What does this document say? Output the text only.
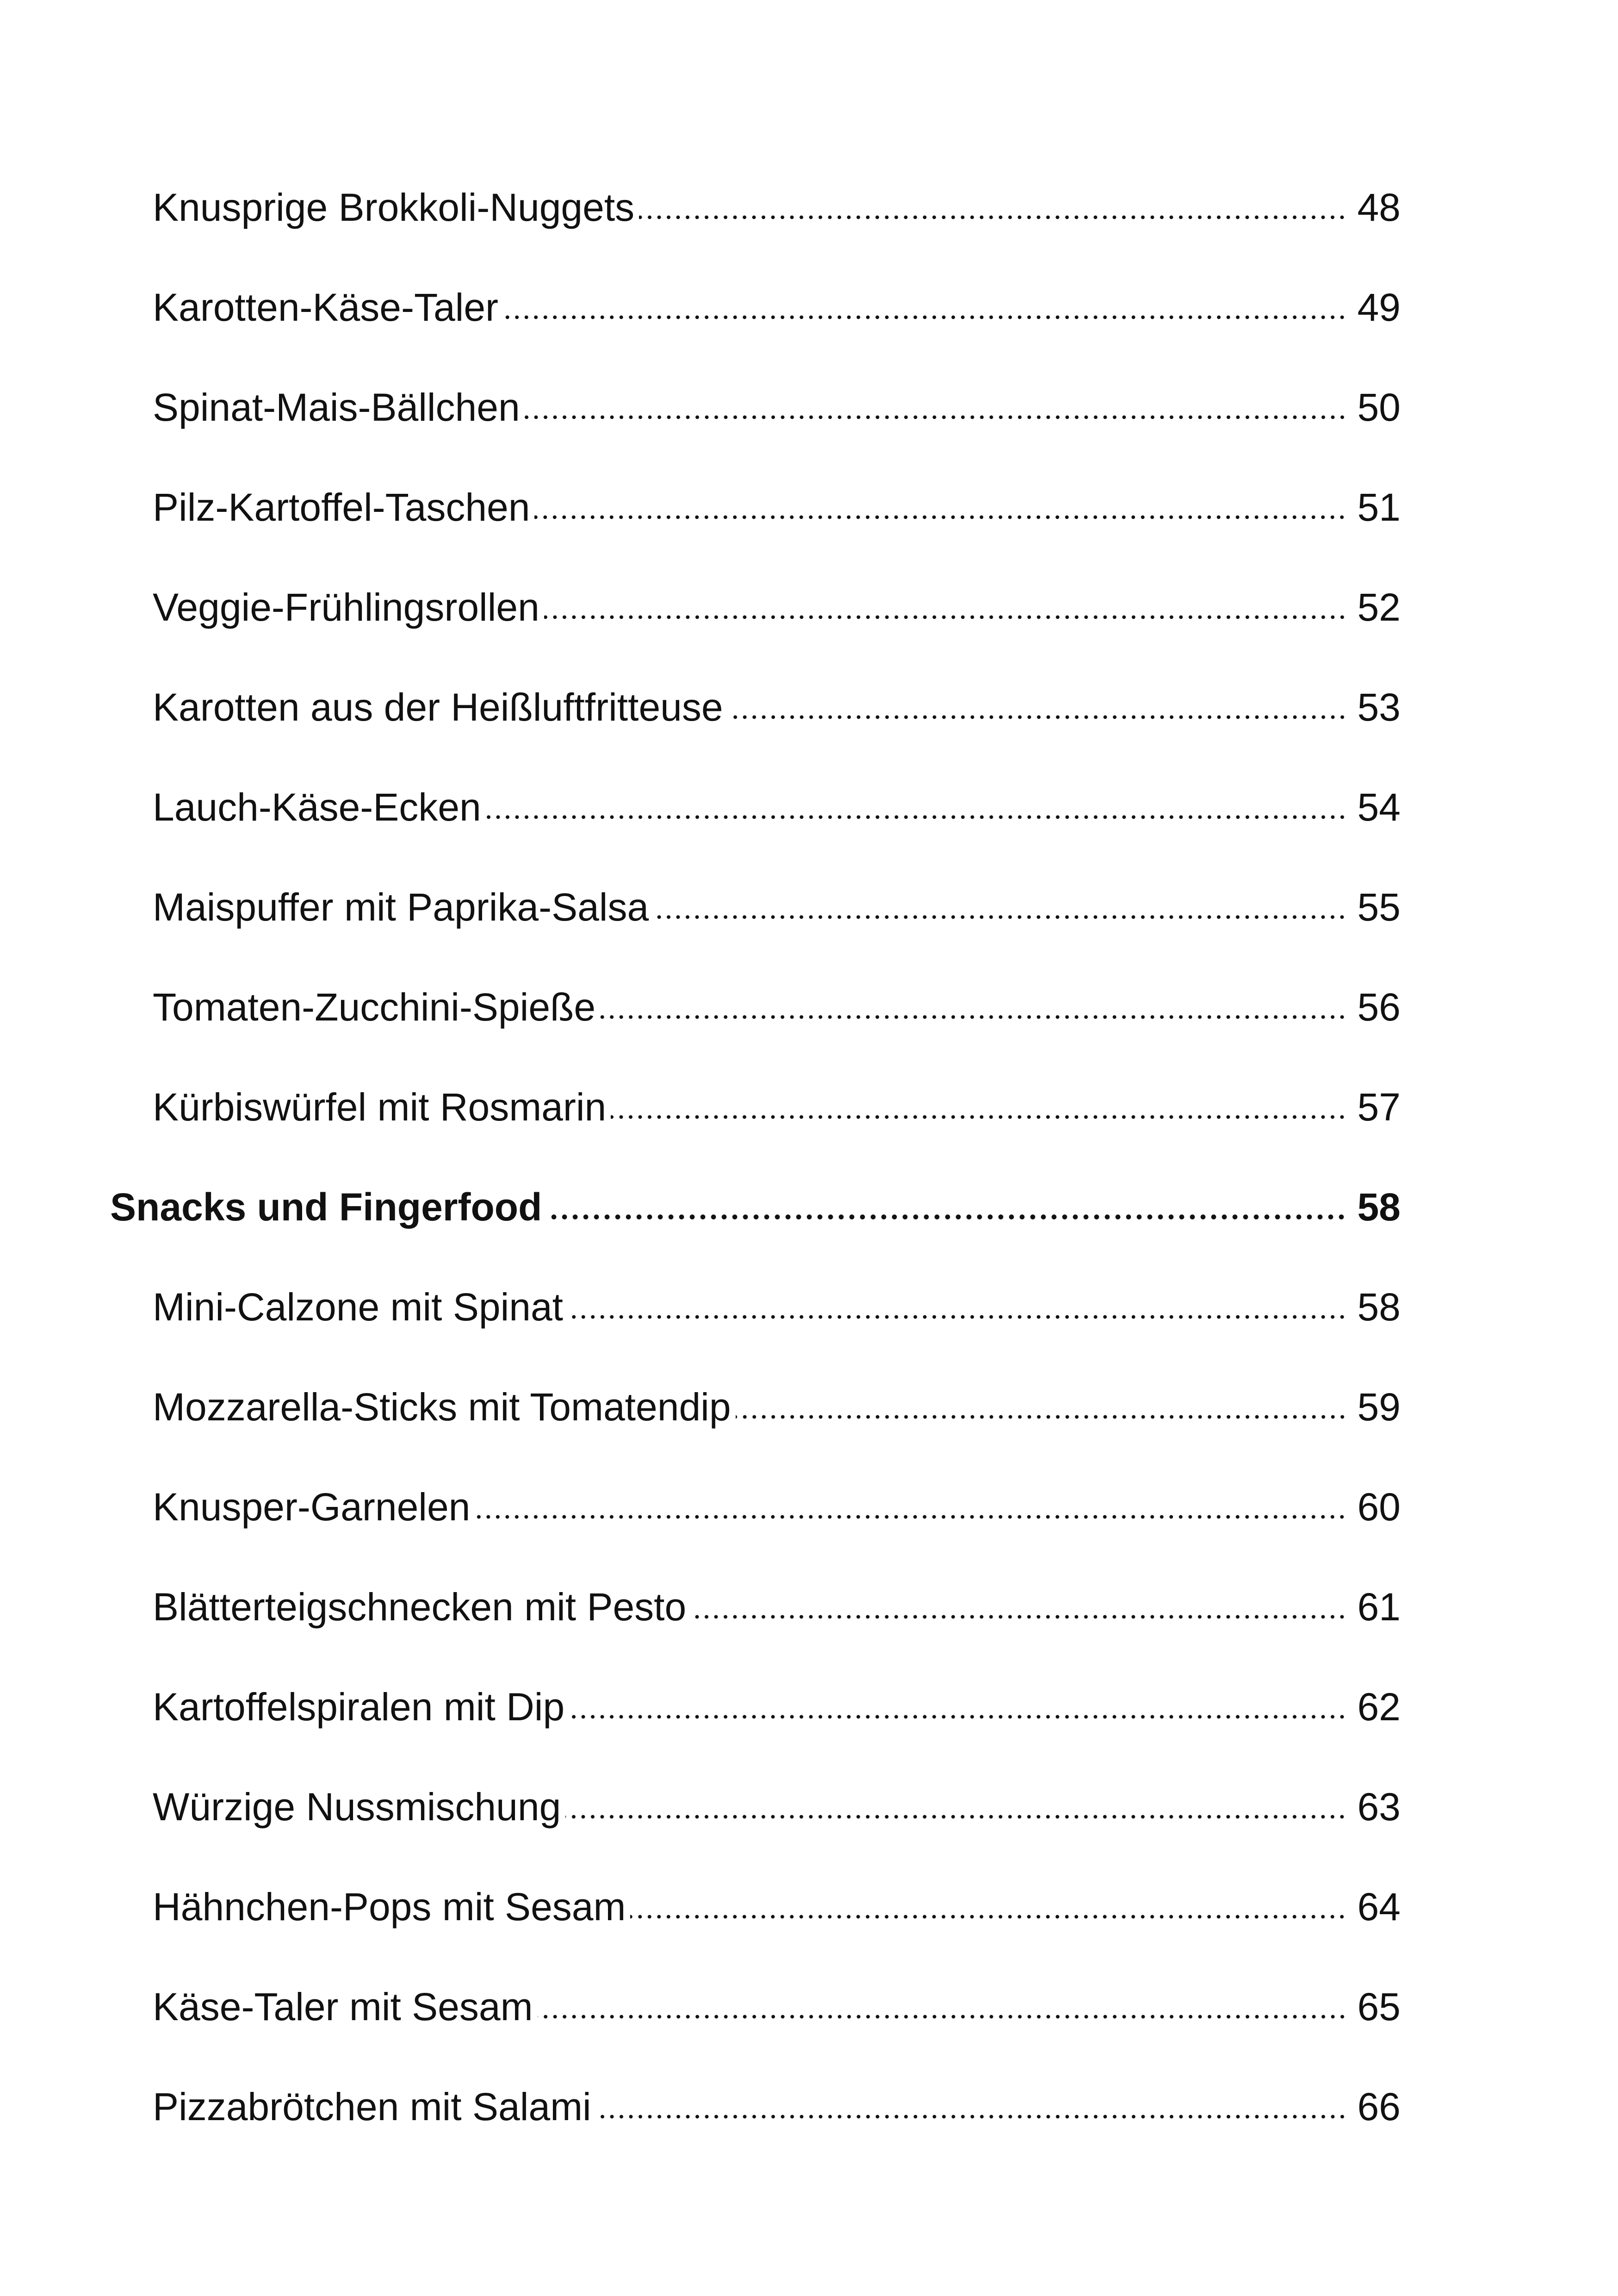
Knusprige Brokkoli-Nuggets	48
Karotten-Käse-Taler	49
Spinat-Mais-Bällchen	50
Pilz-Kartoffel-Taschen	51
Veggie-Frühlingsrollen	52
Karotten aus der Heißluftfritteuse	53
Lauch-Käse-Ecken	54
Maispuffer mit Paprika-Salsa	55
Tomaten-Zucchini-Spieße	56
Kürbiswürfel mit Rosmarin	57
Snacks und Fingerfood	58
Mini-Calzone mit Spinat	58
Mozzarella-Sticks mit Tomatendip	59
Knusper-Garnelen	60
Blätterteigschnecken mit Pesto	61
Kartoffelspiralen mit Dip	62
Würzige Nussmischung	63
Hähnchen-Pops mit Sesam	64
Käse-Taler mit Sesam	65
Pizzabrötchen mit Salami	66
